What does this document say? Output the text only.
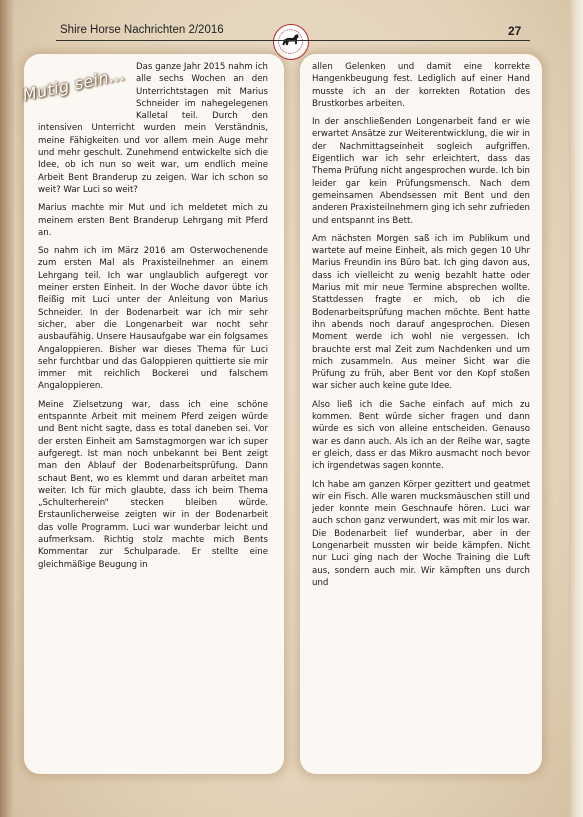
Shire Horse Nachrichten 2/2016	27
Mutig sein...	Das ganze Jahr 2015 nahm ich alle sechs Wochen an den Unterrichtstagen mit Marius Schneider im nahegelegenen Kalletal teil. Durch den intensiven Unterricht wurden mein Verständnis, meine Fähigkeiten und vor allem mein Auge mehr und mehr geschult. Zunehmend entwickelte sich die Idee, ob ich nun so weit war, um endlich meine Arbeit Bent Branderup zu zeigen. War ich schon so weit? War Luci so weit?

Marius machte mir Mut und ich meldetet mich zu meinem ersten Bent Branderup Lehrgang mit Pferd an.

So nahm ich im März 2016 am Osterwochenende zum ersten Mal als Praxisteilnehmer an einem Lehrgang teil. Ich war unglaublich aufgeregt vor meiner ersten Einheit. In der Woche davor übte ich fleißig mit Luci unter der Anleitung von Marius Schneider. In der Bodenarbeit war ich mir sehr sicher, aber die Longenarbeit war nocht sehr ausbaufähig. Unsere Hausaufgabe war ein folgsames Angaloppieren. Bisher war dieses Thema für Luci sehr furchtbar und das Galoppieren quittierte sie mir immer mit reichlich Bockerei und falschem Angaloppieren.

Meine Zielsetzung war, dass ich eine schöne entspannte Arbeit mit meinem Pferd zeigen würde und Bent nicht sagte, dass es total daneben sei. Vor der ersten Einheit am Samstagmorgen war ich super aufgeregt. Ist man noch unbekannt bei Bent zeigt man den Ablauf der Bodenarbeitsprüfung. Dann schaut Bent, wo es klemmt und daran arbeitet man weiter. Ich für mich glaubte, dass ich beim Thema „Schulterherein“ stecken bleiben würde. Erstaunlicherweise zeigten wir in der Bodenarbeit das volle Programm. Luci war wunderbar leicht und aufmerksam. Richtig stolz machte mich Bents Kommentar zur Schulparade. Er stellte eine gleichmäßige Beugung in

allen Gelenken und damit eine korrekte Hangenkbeugung fest. Lediglich auf einer Hand musste ich an der korrekten Rotation des Brustkorbes arbeiten.

In der anschließenden Longenarbeit fand er wie erwartet Ansätze zur Weiterentwicklung, die wir in der Nachmittagseinheit sogleich aufgriffen. Eigentlich war ich sehr erleichtert, dass das Thema Prüfung nicht angesprochen wurde. Ich bin leider gar kein Prüfungsmensch. Nach dem gemeinsamen Abendsessen mit Bent und den anderen Praxisteilnehmern ging ich sehr zufrieden und entspannt ins Bett.

Am nächsten Morgen saß ich im Publikum und wartete auf meine Einheit, als mich gegen 10 Uhr Marius Freundin ins Büro bat. Ich ging davon aus, dass ich vielleicht zu wenig bezahlt hatte oder Marius mit mir neue Termine absprechen wollte. Stattdessen fragte er mich, ob ich die Bodenarbeitsprüfung machen möchte. Bent hatte ihn abends noch darauf angesprochen. Diesen Moment werde ich wohl nie vergessen. Ich brauchte erst mal Zeit zum Nachdenken und um mich zusammeln. Aus meiner Sicht war die Prüfung zu früh, aber Bent vor den Kopf stoßen war sicher auch keine gute Idee.

Also ließ ich die Sache einfach auf mich zu kommen. Bent würde sicher fragen und dann würde es sich von alleine entscheiden. Genauso war es dann auch. Als ich an der Reihe war, sagte er gleich, dass er das Mikro ausmacht noch bevor ich irgendetwas sagen konnte.

Ich habe am ganzen Körper gezittert und geatmet wir ein Fisch. Alle waren mucksmäuschen still und jeder konnte mein Geschnaufe hören. Luci war auch schon ganz verwundert, was mit mir los war. Die Bodenarbeit lief wunderbar, aber in der Longenarbeit mussten wir beide kämpfen. Nicht nur Luci ging nach der Woche Training die Luft aus, sondern auch mir. Wir kämpften uns durch und
